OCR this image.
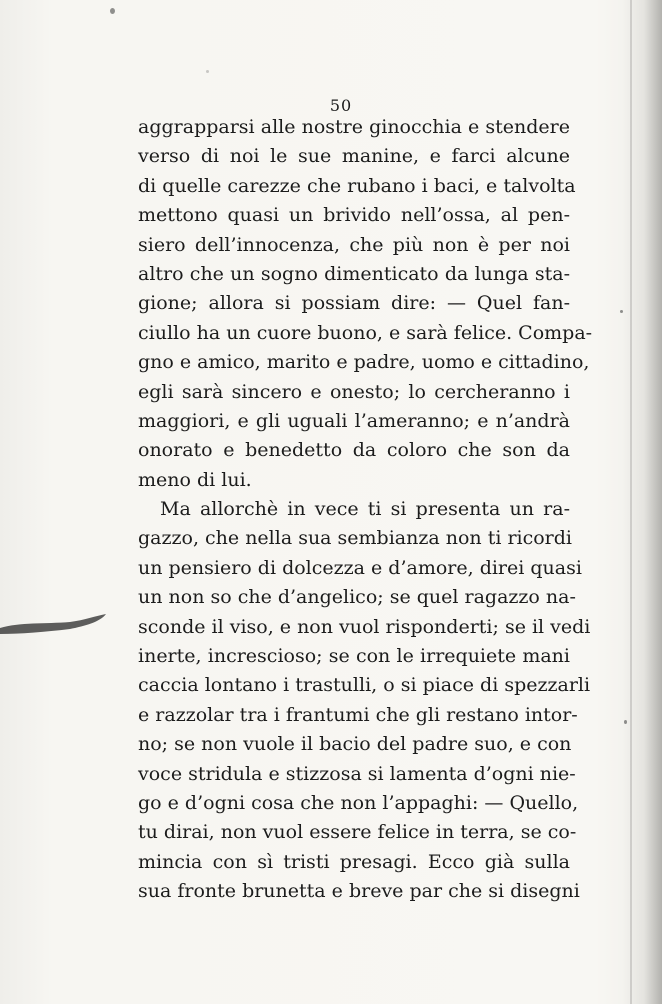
50
aggrapparsi alle nostre ginocchia e stendere
verso di noi le sue manine, e farci alcune
di quelle carezze che rubano i baci, e talvolta
mettono quasi un brivido nell’ossa, al pen-
siero dell’innocenza, che più non è per noi
altro che un sogno dimenticato da lunga sta-
gione; allora si possiam dire: — Quel fan-
ciullo ha un cuore buono, e sarà felice. Compa-
gno e amico, marito e padre, uomo e cittadino,
egli sarà sincero e onesto; lo cercheranno i
maggiori, e gli uguali l’ameranno; e n’andrà
onorato e benedetto da coloro che son da
meno di lui.
Ma allorchè in vece ti si presenta un ra-
gazzo, che nella sua sembianza non ti ricordi
un pensiero di dolcezza e d’amore, direi quasi
un non so che d’angelico; se quel ragazzo na-
sconde il viso, e non vuol risponderti; se il vedi
inerte, increscioso; se con le irrequiete mani
caccia lontano i trastulli, o si piace di spezzarli
e razzolar tra i frantumi che gli restano intor-
no; se non vuole il bacio del padre suo, e con
voce stridula e stizzosa si lamenta d’ogni nie-
go e d’ogni cosa che non l’appaghi: — Quello,
tu dirai, non vuol essere felice in terra, se co-
mincia con sì tristi presagi. Ecco già sulla
sua fronte brunetta e breve par che si disegni
